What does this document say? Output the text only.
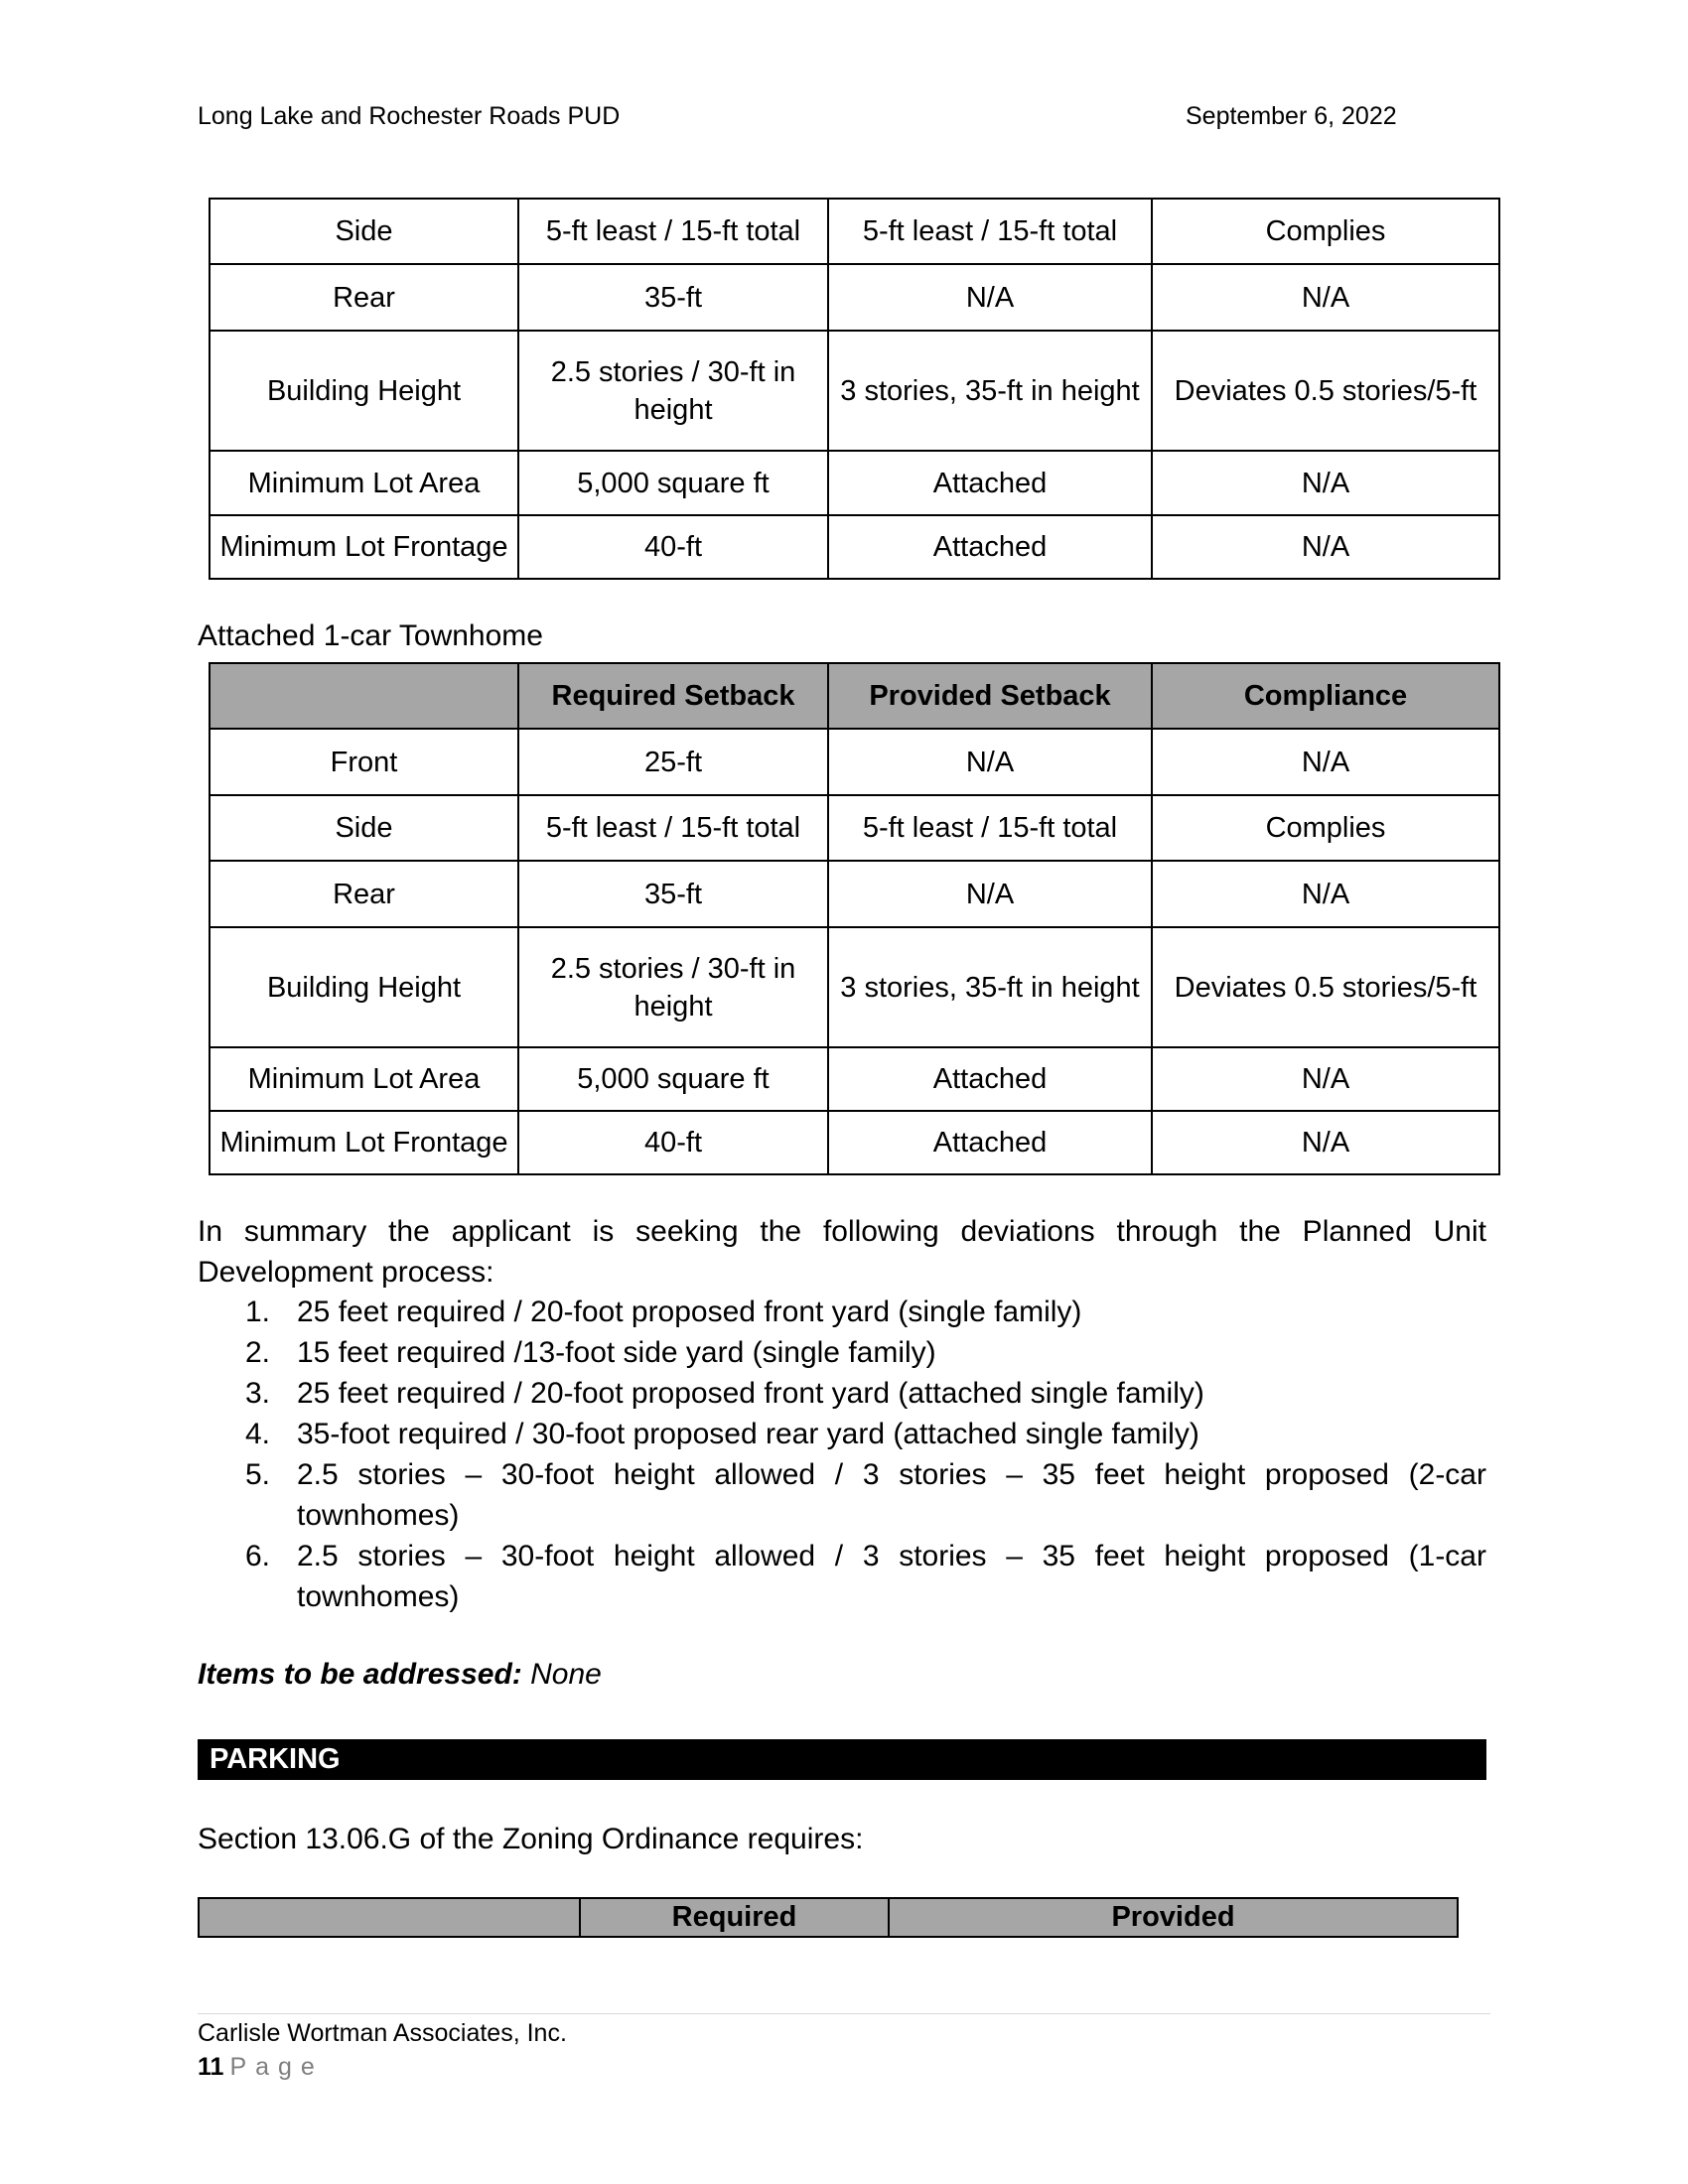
Long Lake and Rochester Roads PUD	September 6, 2022
Side	5-ft least / 15-ft total	5-ft least / 15-ft total	Complies
Rear	35-ft	N/A	N/A
Building Height	2.5 stories / 30-ft in height	3 stories, 35-ft in height	Deviates 0.5 stories/5-ft
Minimum Lot Area	5,000 square ft	Attached	N/A
Minimum Lot Frontage	40-ft	Attached	N/A
Attached 1-car Townhome
	Required Setback	Provided Setback	Compliance
Front	25-ft	N/A	N/A
Side	5-ft least / 15-ft total	5-ft least / 15-ft total	Complies
Rear	35-ft	N/A	N/A
Building Height	2.5 stories / 30-ft in height	3 stories, 35-ft in height	Deviates 0.5 stories/5-ft
Minimum Lot Area	5,000 square ft	Attached	N/A
Minimum Lot Frontage	40-ft	Attached	N/A
In summary the applicant is seeking the following deviations through the Planned Unit Development process:
1. 25 feet required / 20-foot proposed front yard (single family)
2. 15 feet required /13-foot side yard (single family)
3. 25 feet required / 20-foot proposed front yard (attached single family)
4. 35-foot required / 30-foot proposed rear yard (attached single family)
5. 2.5 stories – 30-foot height allowed / 3 stories – 35 feet height proposed (2-car townhomes)
6. 2.5 stories – 30-foot height allowed / 3 stories – 35 feet height proposed (1-car townhomes)
Items to be addressed: None
PARKING
Section 13.06.G of the Zoning Ordinance requires:
	Required	Provided
Carlisle Wortman Associates, Inc.
11 Page
